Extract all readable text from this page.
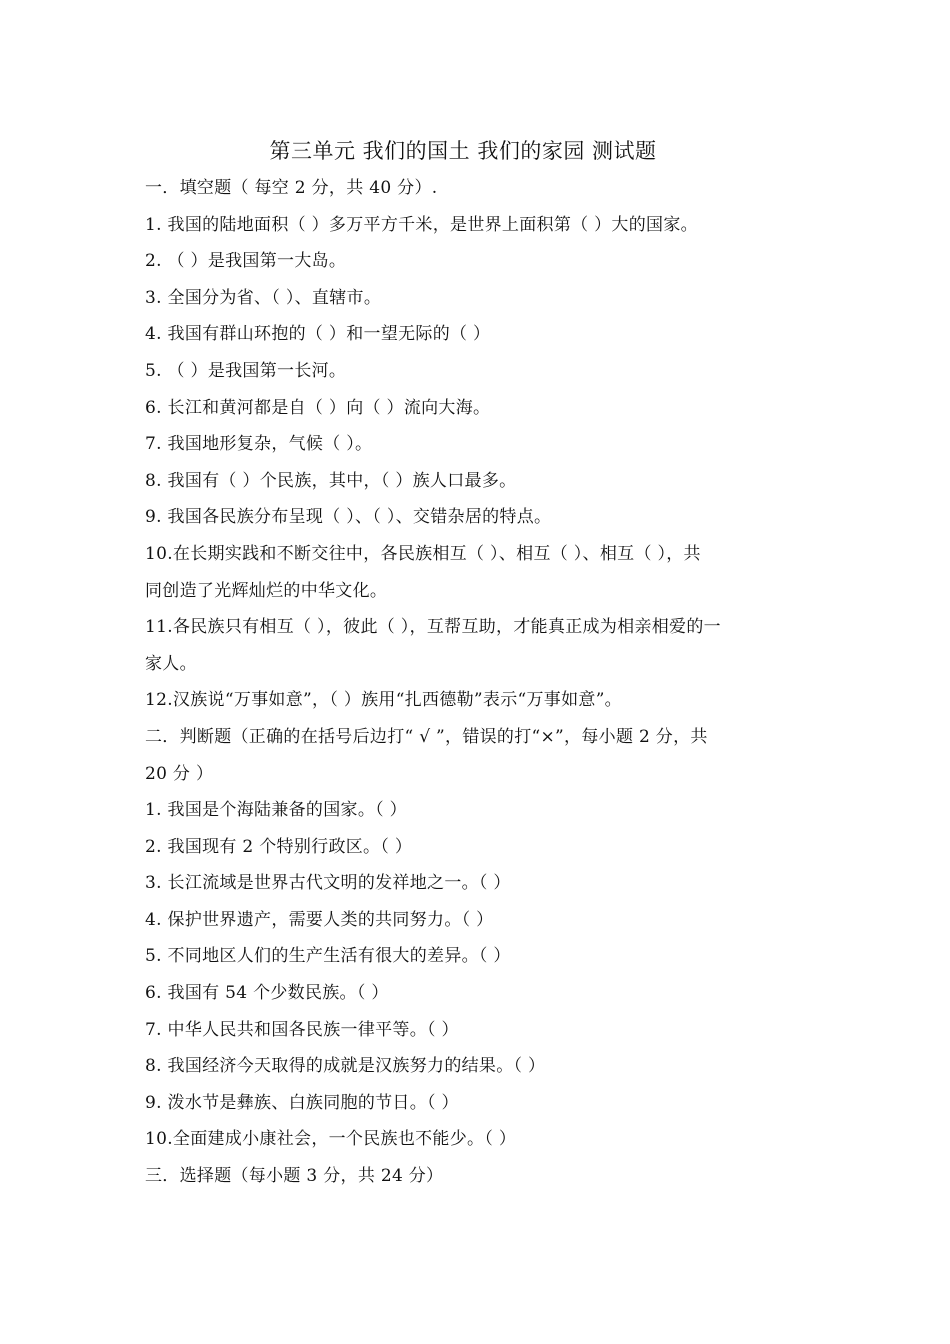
第三单元 我们的国土 我们的家园 测试题
一．填空题（ 每空 2 分，共 40 分）.
1. 我国的陆地面积（ ）多万平方千米，是世界上面积第（ ）大的国家。
2. （ ）是我国第一大岛。
3. 全国分为省、（ ）、直辖市。
4. 我国有群山环抱的（ ）和一望无际的（ ）
5. （ ）是我国第一长河。
6. 长江和黄河都是自（ ）向（ ）流向大海。
7. 我国地形复杂，气候（ ）。
8. 我国有（ ）个民族，其中，（ ）族人口最多。
9. 我国各民族分布呈现（ ）、（ ）、交错杂居的特点。
10.在长期实践和不断交往中，各民族相互（ ）、相互（ ）、相互（ ），共
同创造了光辉灿烂的中华文化。
11.各民族只有相互（ ），彼此（ ），互帮互助，才能真正成为相亲相爱的一
家人。
12.汉族说“万事如意”，（ ）族用“扎西德勒”表示“万事如意”。
二．判断题（正确的在括号后边打“ √ ”，错误的打“×”，每小题 2 分，共
20 分 ）
1. 我国是个海陆兼备的国家。（ ）
2. 我国现有 2 个特别行政区。（ ）
3. 长江流域是世界古代文明的发祥地之一。（ ）
4. 保护世界遗产，需要人类的共同努力。（ ）
5. 不同地区人们的生产生活有很大的差异。（ ）
6. 我国有 54 个少数民族。（ ）
7. 中华人民共和国各民族一律平等。（ ）
8. 我国经济今天取得的成就是汉族努力的结果。（ ）
9. 泼水节是彝族、白族同胞的节日。（ ）
10.全面建成小康社会，一个民族也不能少。（ ）
三．选择题（每小题 3 分，共 24 分）
